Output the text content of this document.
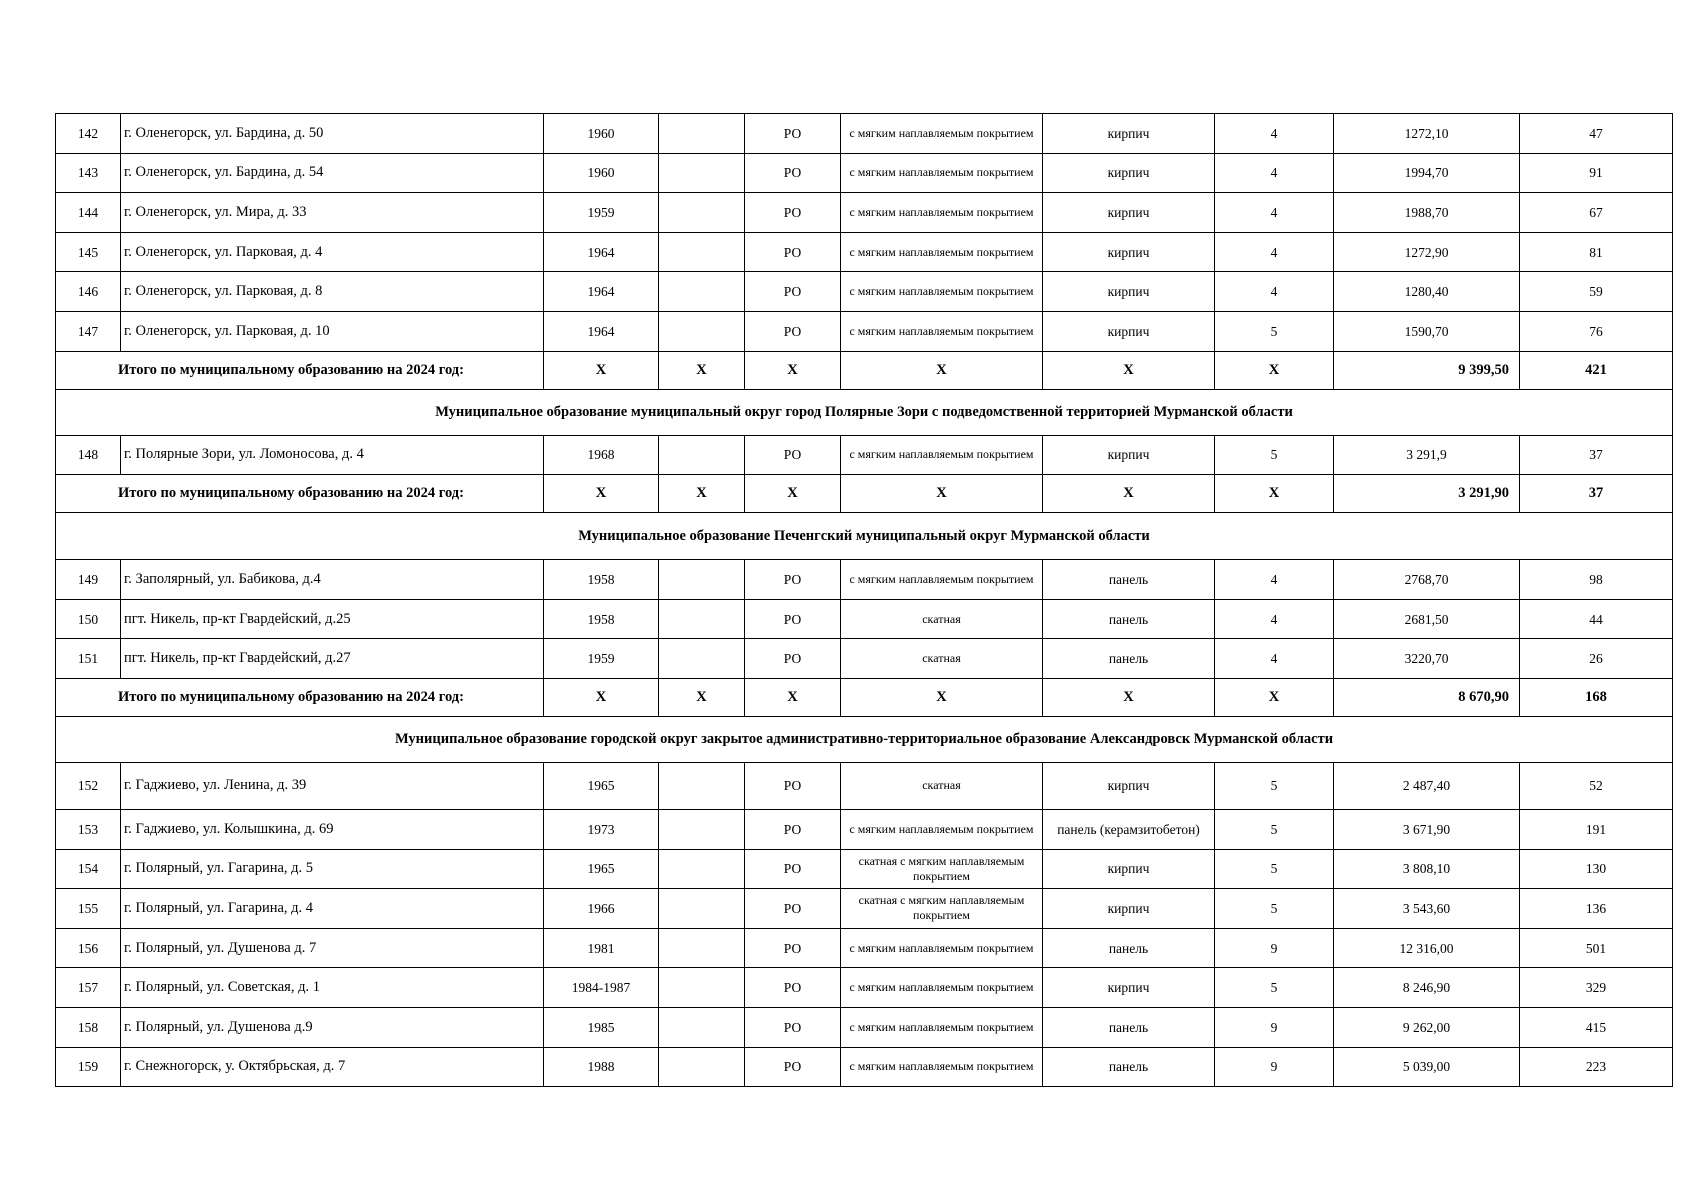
142	г. Оленегорск, ул. Бардина, д. 50	1960		РО	с мягким наплавляемым покрытием	кирпич	4	1272,10	47
143	г. Оленегорск, ул. Бардина, д. 54	1960		РО	с мягким наплавляемым покрытием	кирпич	4	1994,70	91
144	г. Оленегорск, ул. Мира, д. 33	1959		РО	с мягким наплавляемым покрытием	кирпич	4	1988,70	67
145	г. Оленегорск, ул. Парковая, д. 4	1964		РО	с мягким наплавляемым покрытием	кирпич	4	1272,90	81
146	г. Оленегорск, ул. Парковая, д. 8	1964		РО	с мягким наплавляемым покрытием	кирпич	4	1280,40	59
147	г. Оленегорск, ул. Парковая, д. 10	1964		РО	с мягким наплавляемым покрытием	кирпич	5	1590,70	76
Итого по муниципальному образованию на 2024 год:		X	X	X	X	X	X	9 399,50	421
Муниципальное образование муниципальный округ город Полярные Зори с подведомственной территорией Мурманской области									
148	г. Полярные Зори, ул. Ломоносова, д. 4	1968		РО	с мягким наплавляемым покрытием	кирпич	5	3 291,9	37
Итого по муниципальному образованию на 2024 год:		X	X	X	X	X	X	3 291,90	37
Муниципальное образование Печенгский муниципальный округ Мурманской области									
149	г. Заполярный, ул. Бабикова, д.4	1958		РО	с мягким наплавляемым покрытием	панель	4	2768,70	98
150	пгт. Никель, пр-кт Гвардейский, д.25	1958		РО	скатная	панель	4	2681,50	44
151	пгт. Никель, пр-кт Гвардейский, д.27	1959		РО	скатная	панель	4	3220,70	26
Итого по муниципальному образованию на 2024 год:		X	X	X	X	X	X	8 670,90	168
Муниципальное образование городской округ закрытое административно-территориальное образование Александровск Мурманской области									
152	г. Гаджиево, ул. Ленина, д. 39	1965		РО	скатная	кирпич	5	2 487,40	52
153	г. Гаджиево, ул. Колышкина, д. 69	1973		РО	с мягким наплавляемым покрытием	панель (керамзитобетон)	5	3 671,90	191
154	г. Полярный, ул. Гагарина, д. 5	1965		РО	скатная с мягким наплавляемым покрытием	кирпич	5	3 808,10	130
155	г. Полярный, ул. Гагарина, д. 4	1966		РО	скатная с мягким наплавляемым покрытием	кирпич	5	3 543,60	136
156	г. Полярный, ул. Душенова д. 7	1981		РО	с мягким наплавляемым покрытием	панель	9	12 316,00	501
157	г. Полярный, ул. Советская, д. 1	1984-1987		РО	с мягким наплавляемым покрытием	кирпич	5	8 246,90	329
158	г. Полярный, ул. Душенова д.9	1985		РО	с мягким наплавляемым покрытием	панель	9	9 262,00	415
159	г. Снежногорск, у. Октябрьская, д. 7	1988		РО	с мягким наплавляемым покрытием	панель	9	5 039,00	223
